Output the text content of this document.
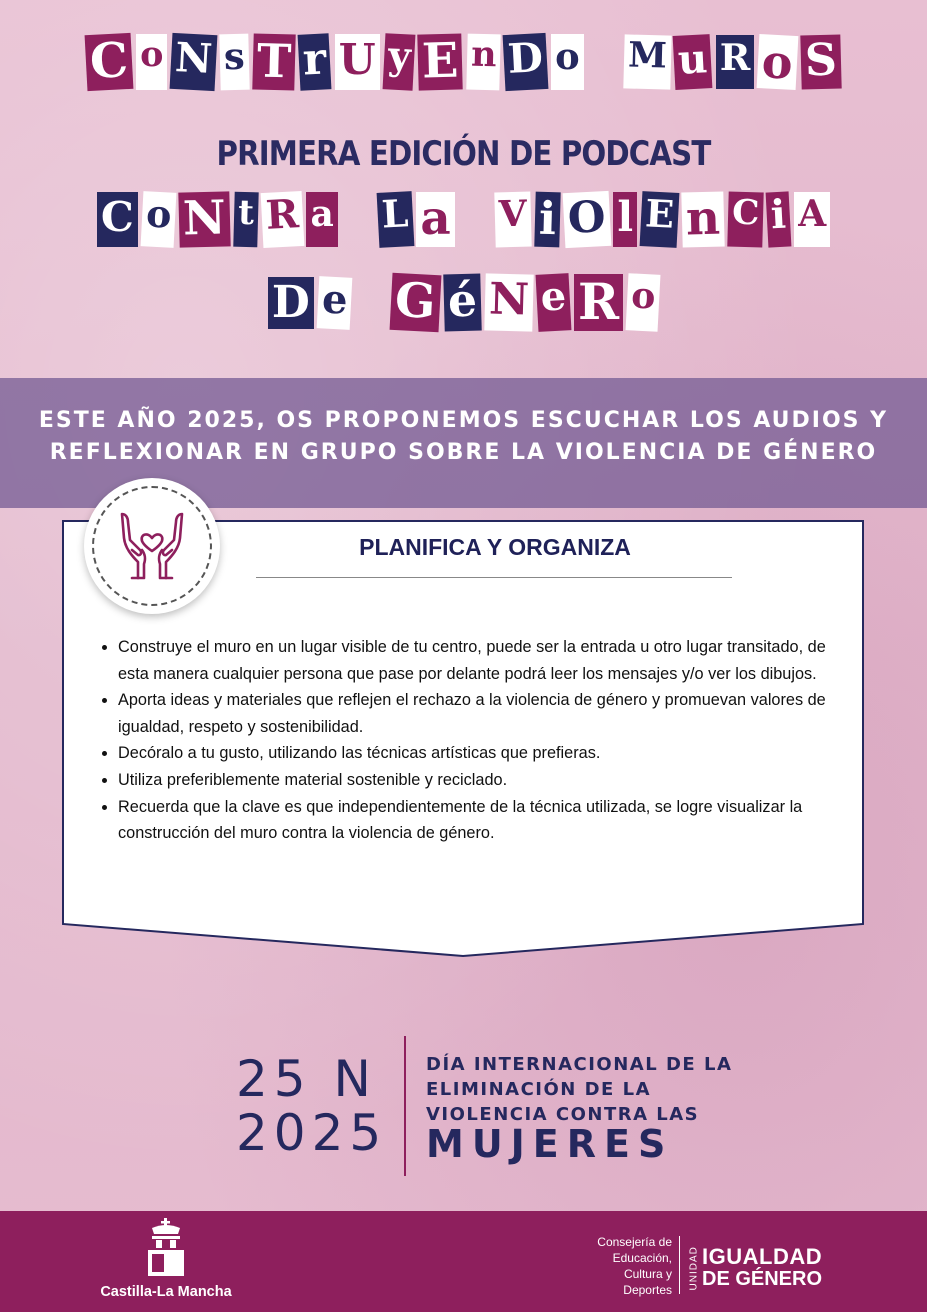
C o N s T r U y E n D o M u R o S
PRIMERA EDICIÓN DE PODCAST
C o N t R a L a V i O l E n C i A
D e G é N e R o
ESTE AÑO 2025, OS PROPONEMOS ESCUCHAR LOS AUDIOS Y
REFLEXIONAR EN GRUPO SOBRE LA VIOLENCIA DE GÉNERO
PLANIFICA Y ORGANIZA
• Construye el muro en un lugar visible de tu centro, puede ser la entrada u otro lugar transitado, de esta manera cualquier persona que pase por delante podrá leer los mensajes y/o ver los dibujos.
• Aporta ideas y materiales que reflejen el rechazo a la violencia de género y promuevan valores de igualdad, respeto y sostenibilidad.
• Decóralo a tu gusto, utilizando las técnicas artísticas que prefieras.
• Utiliza preferiblemente material sostenible y reciclado.
• Recuerda que la clave es que independientemente de la técnica utilizada, se logre visualizar la construcción del muro contra la violencia de género.
25 N
2025
DÍA INTERNACIONAL DE LA
ELIMINACIÓN DE LA
VIOLENCIA CONTRA LAS
MUJERES
Castilla-La Mancha
Consejería de
Educación,
Cultura y
Deportes UNIDAD IGUALDAD
DE GÉNERO
